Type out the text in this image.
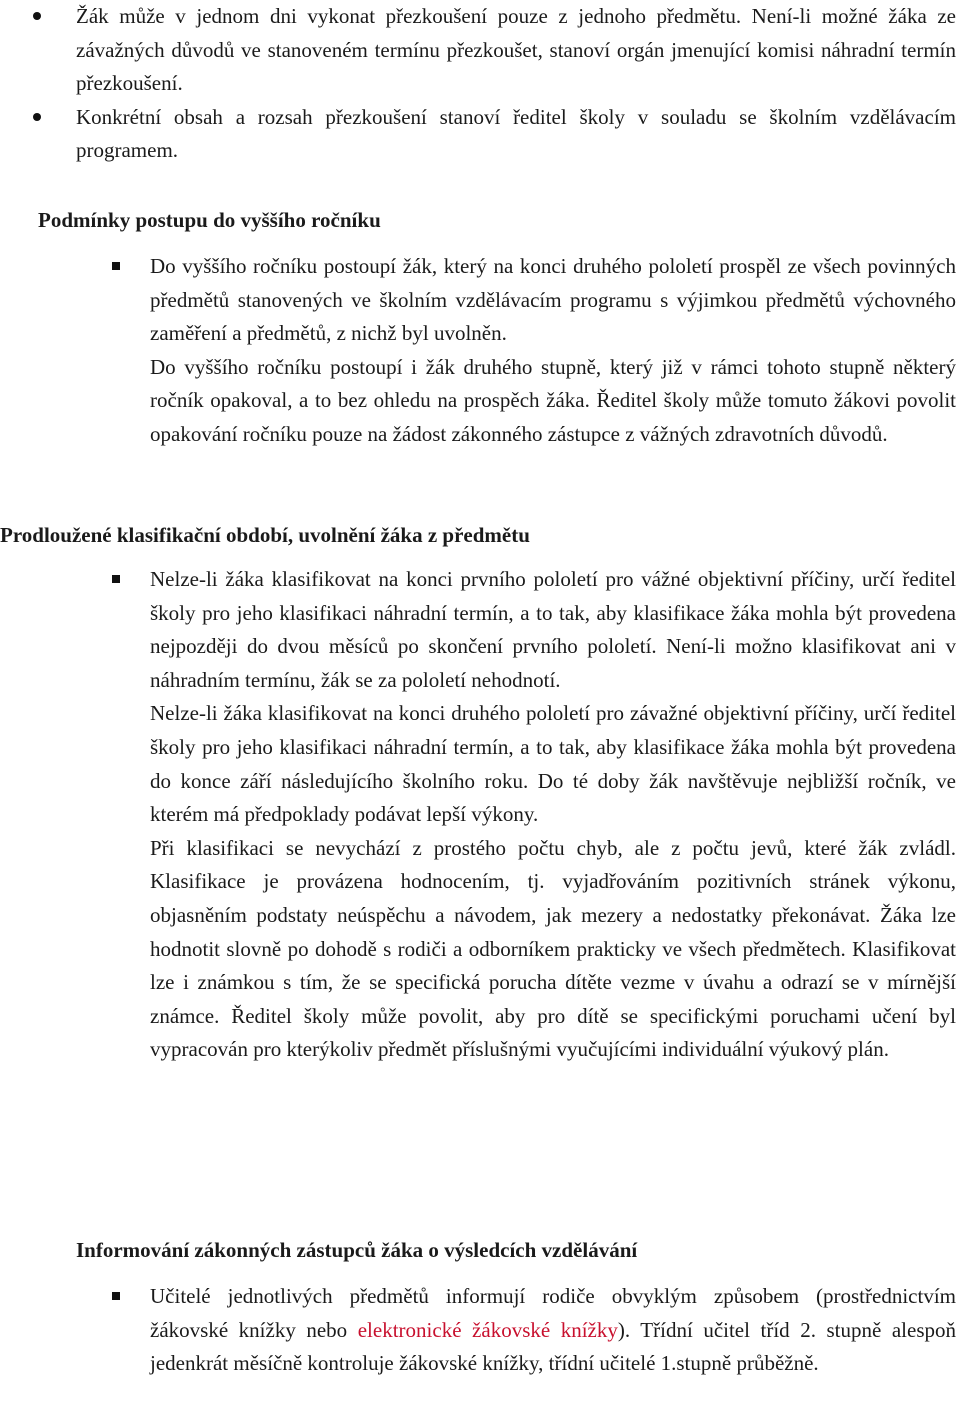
Žák může v jednom dni vykonat přezkoušení pouze z jednoho předmětu. Není-li možné žáka ze závažných důvodů ve stanoveném termínu přezkoušet, stanoví orgán jmenující komisi náhradní termín přezkoušení.
Konkrétní obsah a rozsah přezkoušení stanoví ředitel školy v souladu se školním vzdělávacím programem.
Podmínky postupu do vyššího ročníku

Do vyššího ročníku postoupí žák, který na konci druhého pololetí prospěl ze všech povinných předmětů stanovených ve školním vzdělávacím programu s výjimkou předmětů výchovného zaměření a předmětů, z nichž byl uvolněn.

Do vyššího ročníku postoupí i žák druhého stupně, který již v rámci tohoto stupně některý ročník opakoval, a to bez ohledu na prospěch žáka. Ředitel školy může tomuto žákovi povolit opakování ročníku pouze na žádost zákonného zástupce z vážných zdravotních důvodů.

Prodloužené klasifikační období, uvolnění žáka z předmětu

Nelze-li žáka klasifikovat na konci prvního pololetí pro vážné objektivní příčiny, určí ředitel školy pro jeho klasifikaci náhradní termín, a to tak, aby klasifikace žáka mohla být provedena nejpozději do dvou měsíců po skončení prvního pololetí. Není-li možno klasifikovat ani v náhradním termínu, žák se za pololetí nehodnotí.

Nelze-li žáka klasifikovat na konci druhého pololetí pro závažné objektivní příčiny, určí ředitel školy pro jeho klasifikaci náhradní termín, a to tak, aby klasifikace žáka mohla být provedena do konce září následujícího školního roku. Do té doby žák navštěvuje nejbližší ročník, ve kterém má předpoklady podávat lepší výkony.

Při klasifikaci se nevychází z prostého počtu chyb, ale z počtu jevů, které žák zvládl. Klasifikace je provázena hodnocením, tj. vyjadřováním pozitivních stránek výkonu, objasněním podstaty neúspěchu a návodem, jak mezery a nedostatky překonávat. Žáka lze hodnotit slovně po dohodě s rodiči a odborníkem prakticky ve všech předmětech. Klasifikovat lze i známkou s tím, že se specifická porucha dítěte vezme v úvahu a odrazí se v mírnější známce. Ředitel školy může povolit, aby pro dítě se specifickými poruchami učení byl vypracován pro kterýkoliv předmět příslušnými vyučujícími individuální výukový plán.

Informování zákonných zástupců žáka o výsledcích vzdělávání

Učitelé jednotlivých předmětů informují rodiče obvyklým způsobem (prostřednictvím žákovské knížky nebo elektronické žákovské knížky). Třídní učitel tříd 2. stupně alespoň jedenkrát měsíčně kontroluje žákovské knížky, třídní učitelé 1.stupně průběžně.
